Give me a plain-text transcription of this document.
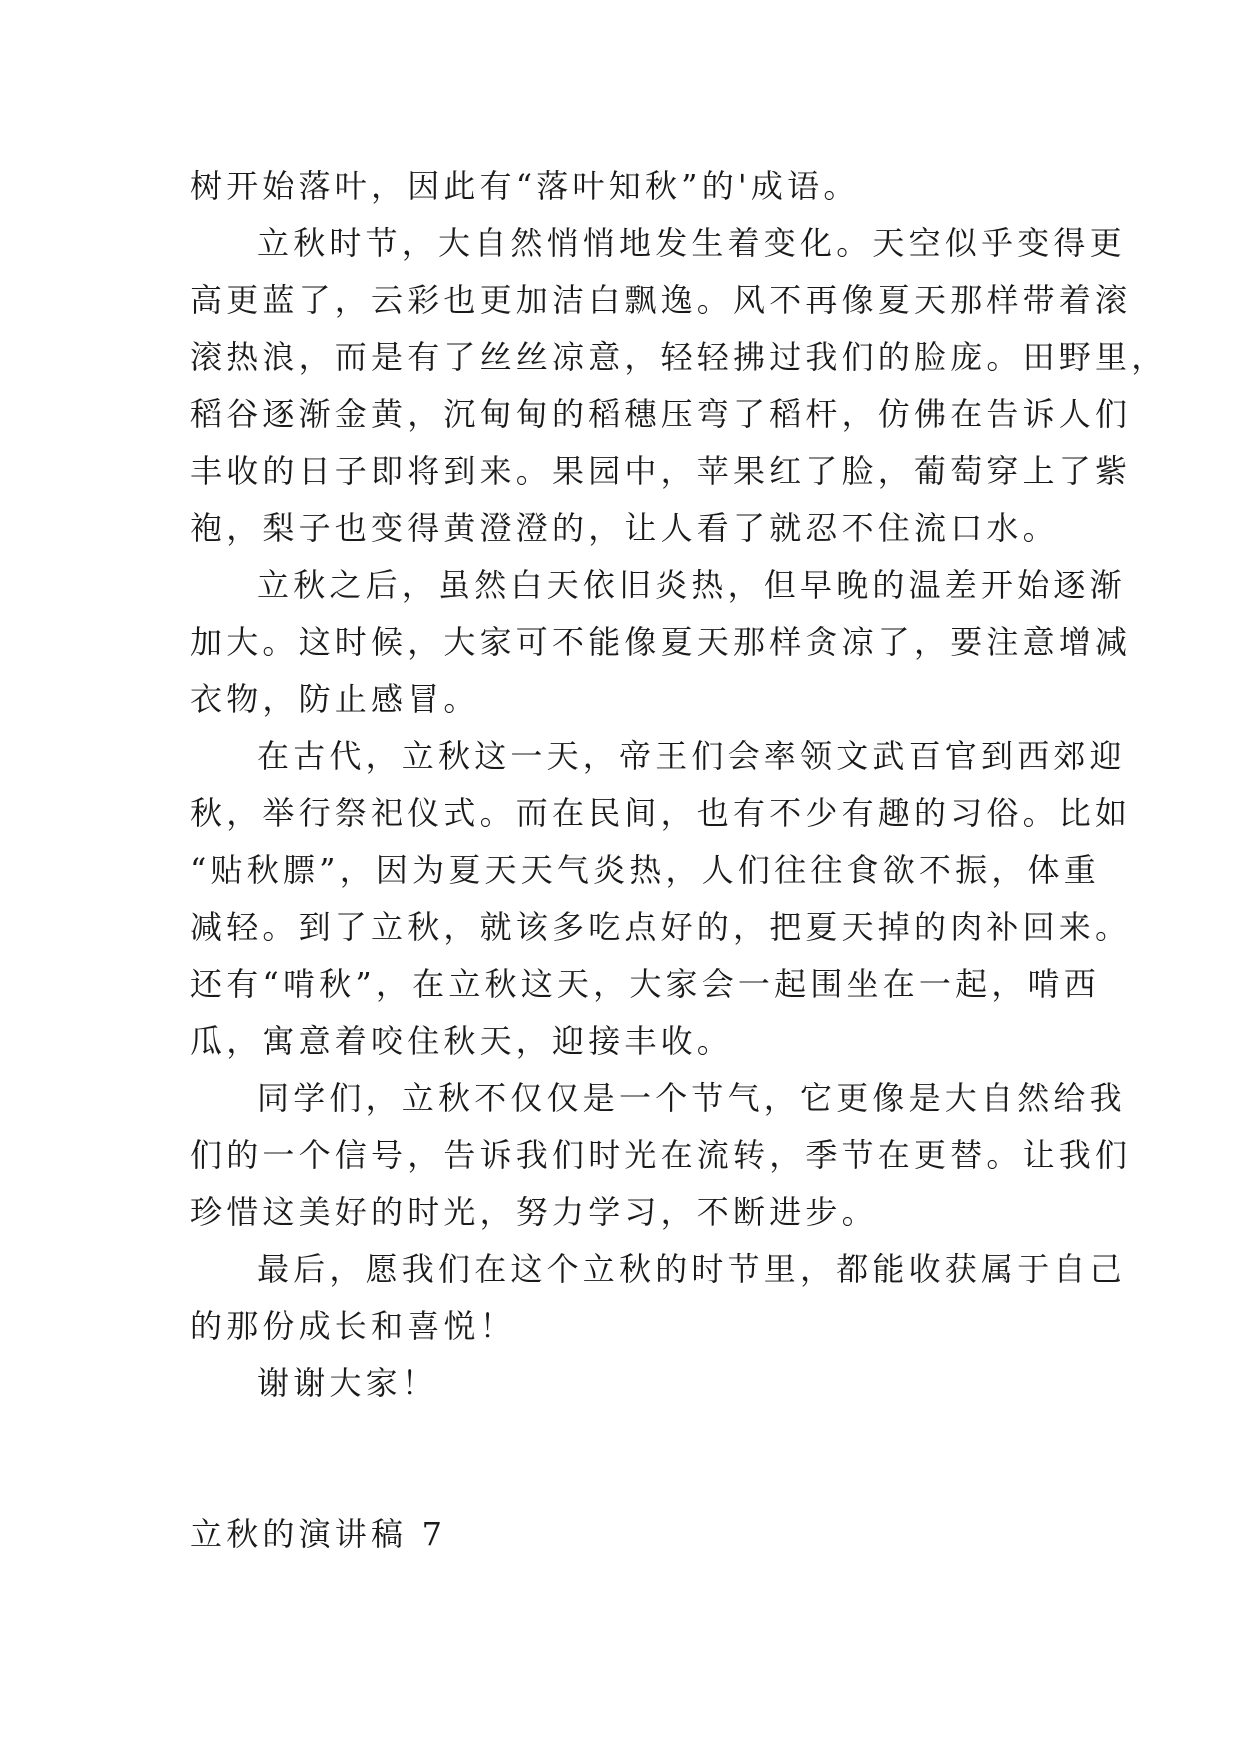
树开始落叶，因此有“落叶知秋”的'成语。
立秋时节，大自然悄悄地发生着变化。天空似乎变得更
高更蓝了，云彩也更加洁白飘逸。风不再像夏天那样带着滚
滚热浪，而是有了丝丝凉意，轻轻拂过我们的脸庞。田野里，
稻谷逐渐金黄，沉甸甸的稻穗压弯了稻杆，仿佛在告诉人们
丰收的日子即将到来。果园中，苹果红了脸，葡萄穿上了紫
袍，梨子也变得黄澄澄的，让人看了就忍不住流口水。
立秋之后，虽然白天依旧炎热，但早晚的温差开始逐渐
加大。这时候，大家可不能像夏天那样贪凉了，要注意增减
衣物，防止感冒。
在古代，立秋这一天，帝王们会率领文武百官到西郊迎
秋，举行祭祀仪式。而在民间，也有不少有趣的习俗。比如
“贴秋膘”，因为夏天天气炎热，人们往往食欲不振，体重
减轻。到了立秋，就该多吃点好的，把夏天掉的肉补回来。
还有“啃秋”，在立秋这天，大家会一起围坐在一起，啃西
瓜，寓意着咬住秋天，迎接丰收。
同学们，立秋不仅仅是一个节气，它更像是大自然给我
们的一个信号，告诉我们时光在流转，季节在更替。让我们
珍惜这美好的时光，努力学习，不断进步。
最后，愿我们在这个立秋的时节里，都能收获属于自己
的那份成长和喜悦！
谢谢大家！
立秋的演讲稿 7
